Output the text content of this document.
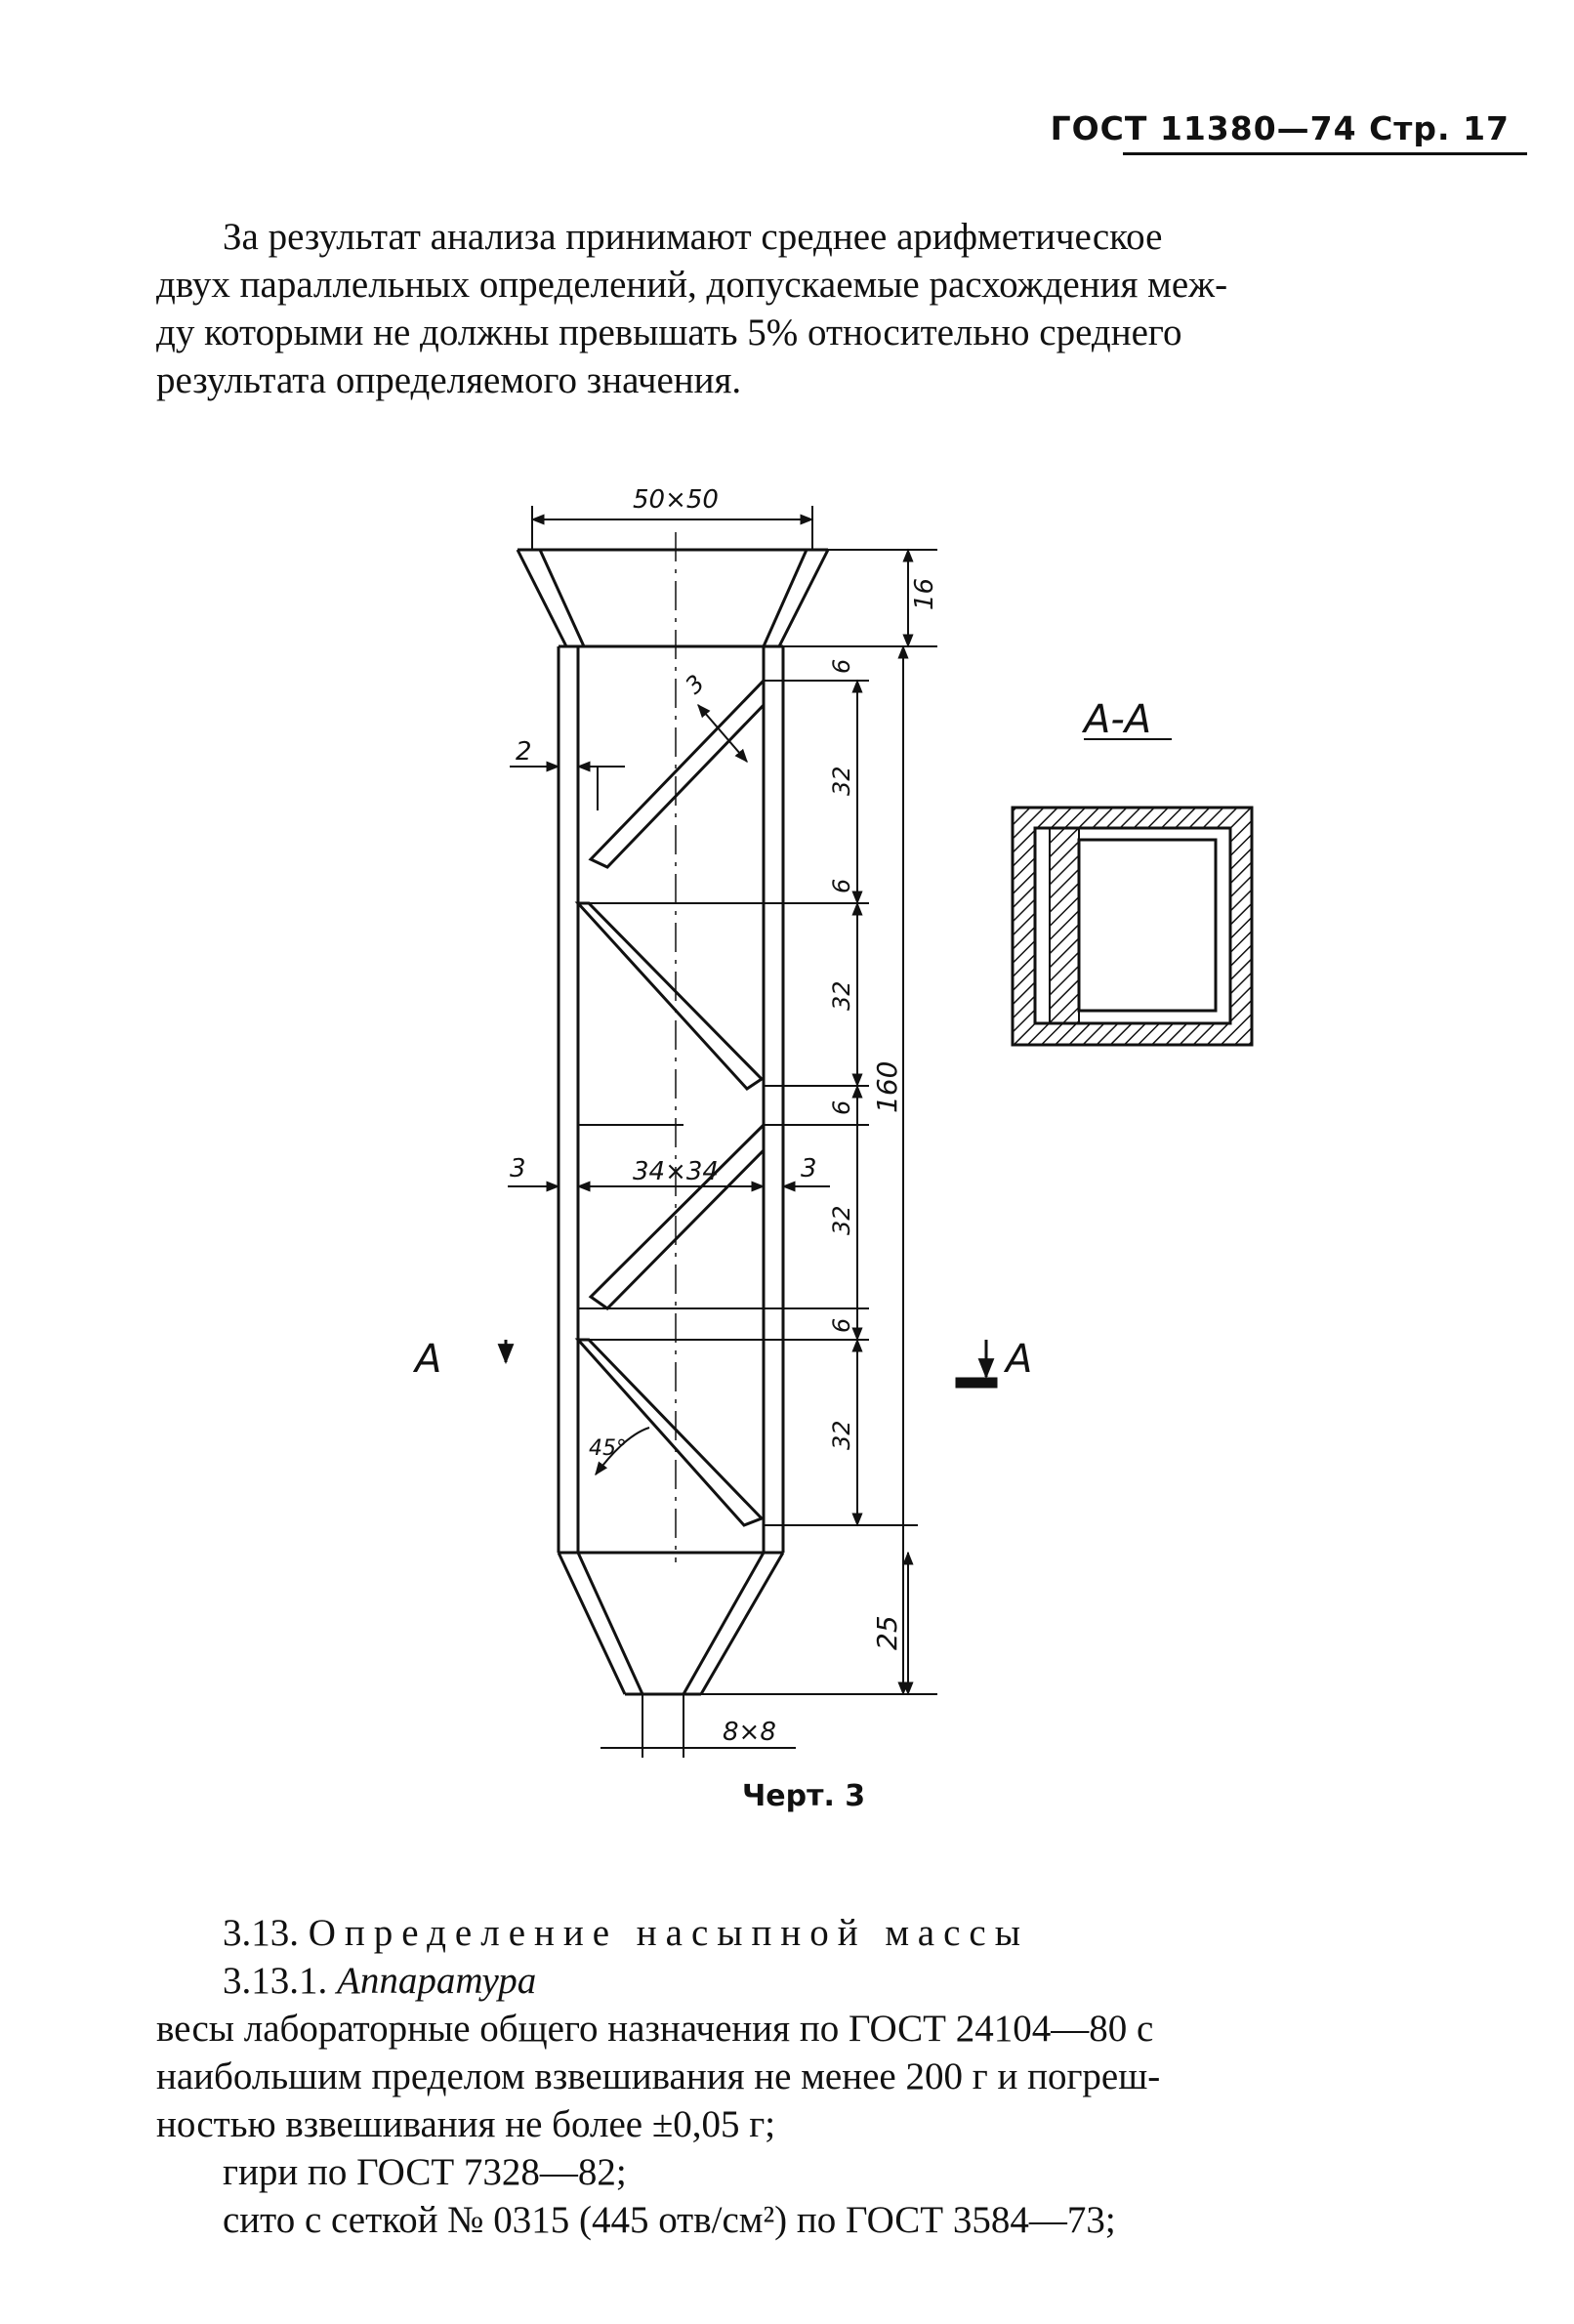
ГОСТ 11380—74 Стр. 17
За результат анализа принимают среднее арифметическое
двух параллельных определений, допускаемые расхождения меж-
ду которыми не должны превышать 5% относительно среднего
результата определяемого значения.
50×50
16
160
25
8×8
34×34
2
3	3
3
45°
6
32
6
32
6
32
6
32
А	А
А-А
Черт. 3
3.13. Определение насыпной массы
3.13.1. Аппаратура
весы лабораторные общего назначения по ГОСТ 24104—80 с
наибольшим пределом взвешивания не менее 200 г и погреш-
ностью взвешивания не более ±0,05 г;
гири по ГОСТ 7328—82;
сито с сеткой № 0315 (445 отв/см²) по ГОСТ 3584—73;
